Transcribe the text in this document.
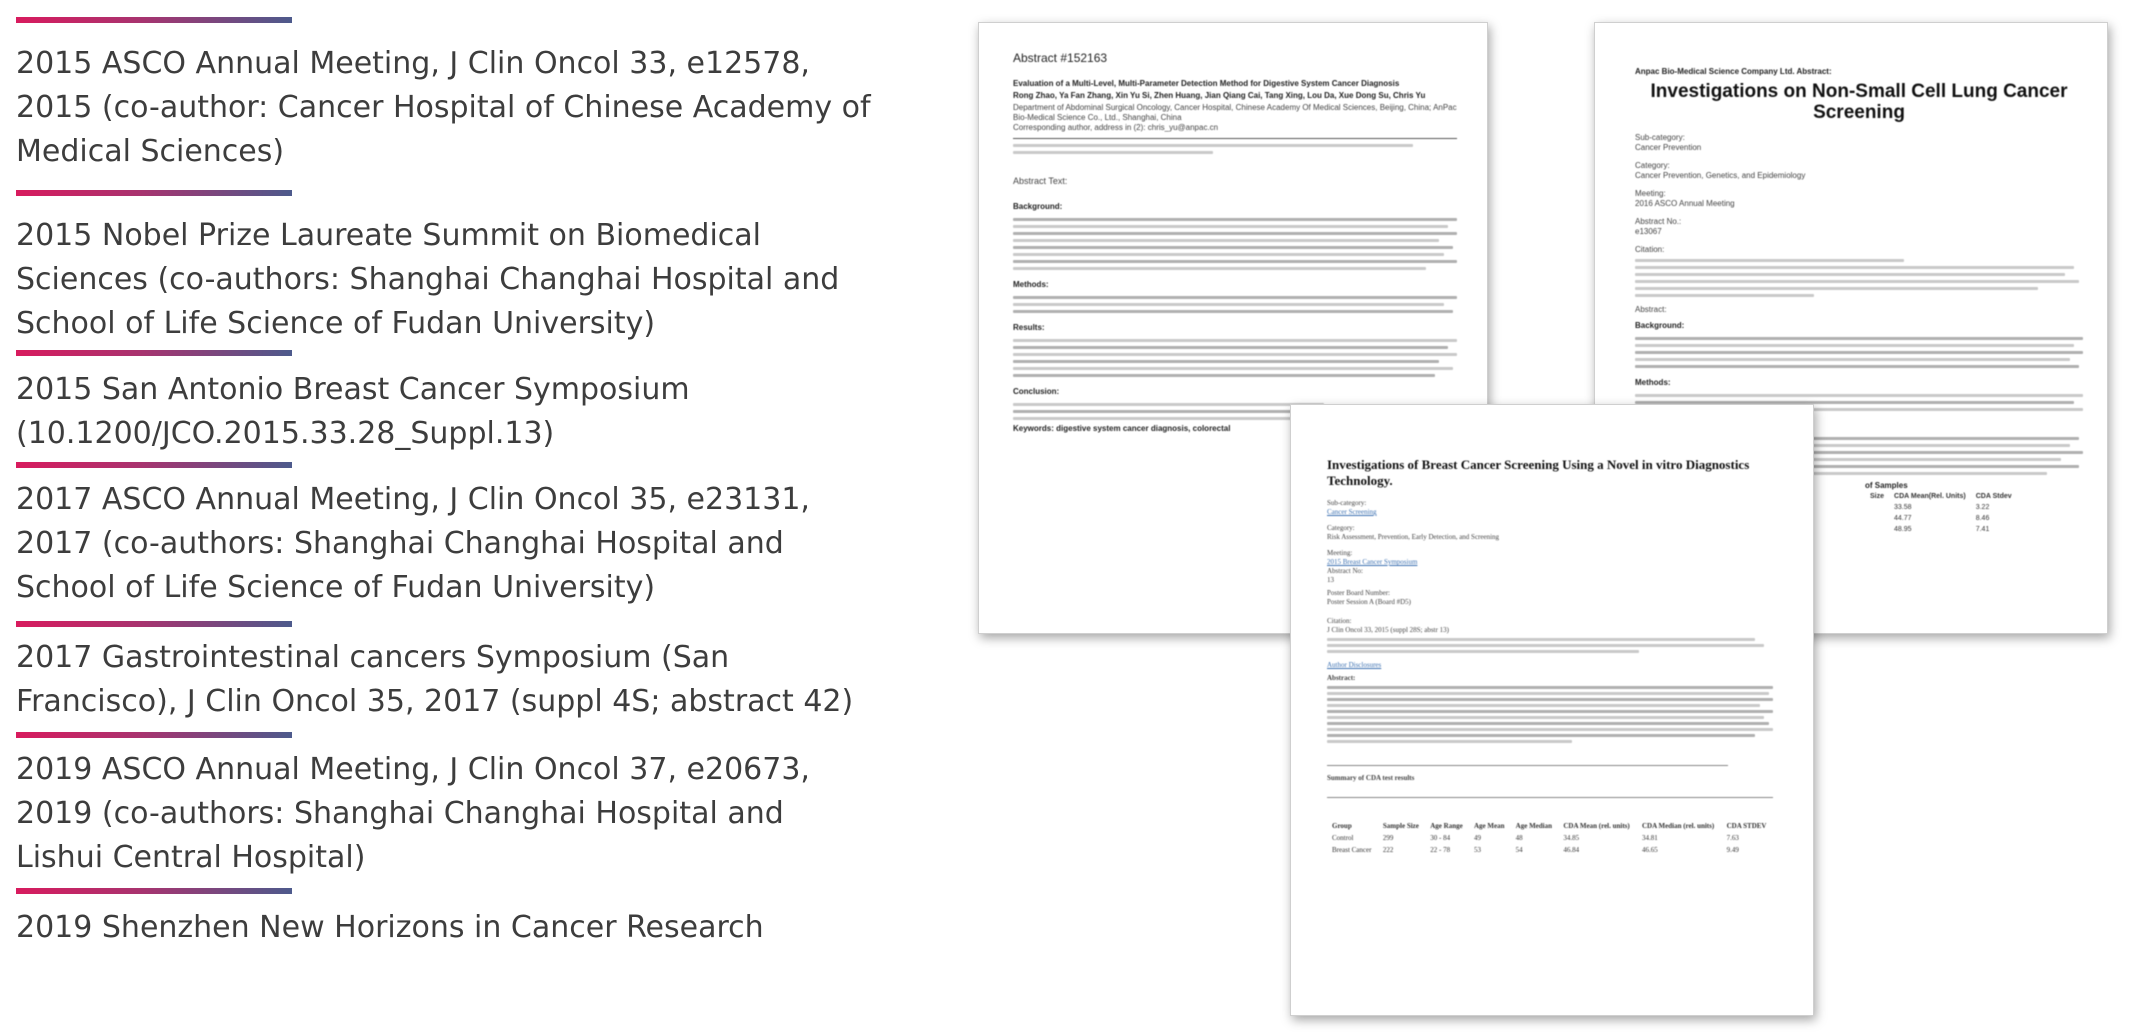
2015 ASCO Annual Meeting, J Clin Oncol 33, e12578, 2015 (co-author: Cancer Hospital of Chinese Academy of Medical Sciences)

2015 Nobel Prize Laureate Summit on Biomedical Sciences (co-authors: Shanghai Changhai Hospital and School of Life Science of Fudan University)

2015 San Antonio Breast Cancer Symposium (10.1200/JCO.2015.33.28_Suppl.13)

2017 ASCO Annual Meeting, J Clin Oncol 35, e23131, 2017 (co-authors: Shanghai Changhai Hospital and School of Life Science of Fudan University)

2017 Gastrointestinal cancers Symposium (San Francisco), J Clin Oncol 35, 2017 (suppl 4S; abstract 42)

2019 ASCO Annual Meeting, J Clin Oncol 37, e20673, 2019 (co-authors: Shanghai Changhai Hospital and Lishui Central Hospital)

2019 Shenzhen New Horizons in Cancer Research

Abstract #152163
Evaluation of a Multi-Level, Multi-Parameter Detection Method for Digestive System Cancer Diagnosis
Rong Zhao, Ya Fan Zhang, Xin Yu Si, Zhen Huang, Jian Qiang Cai, Tang Xing, Lou Da, Xue Dong Su, Chris Yu
Department of Abdominal Surgical Oncology, Cancer Hospital, Chinese Academy Of Medical Sciences, Beijing, China; AnPac Bio-Medical Science Co., Ltd., Shanghai, China
Corresponding author, address in (2): chris_yu@anpac.cn
Abstract Text:
Background:
Methods:
Results:
Conclusion:
Keywords: digestive system cancer diagnosis, colorectal
Anpac Bio-Medical Science Company Ltd. Abstract:
Investigations on Non-Small Cell Lung Cancer Screening
Sub-category:
Cancer Prevention
Category:
Cancer Prevention, Genetics, and Epidemiology
Meeting:
2016 ASCO Annual Meeting
Abstract No.:
e13067
Citation:
Abstract:
Background:
Methods:
of Samples
Size	CDA Mean(Rel. Units)	CDA Stdev
	33.58	3.22
	44.77	8.46
	48.95	7.41
Investigations of Breast Cancer Screening Using a Novel in vitro Diagnostics Technology.
Sub-category:
Cancer Screening
Category:
Risk Assessment, Prevention, Early Detection, and Screening
Meeting:
2015 Breast Cancer Symposium
Abstract No:
13
Poster Board Number:
Poster Session A (Board #D5)
Citation:
J Clin Oncol 33, 2015 (suppl 28S; abstr 13)
Author Disclosures
Abstract:
Summary of CDA test results
Group	Sample Size	Age Range	Age Mean	Age Median	CDA Mean (rel. units)	CDA Median (rel. units)	CDA STDEV
Control	299	30 - 84	49	48	34.85	34.81	7.63
Breast Cancer	222	22 - 78	53	54	46.84	46.65	9.49
